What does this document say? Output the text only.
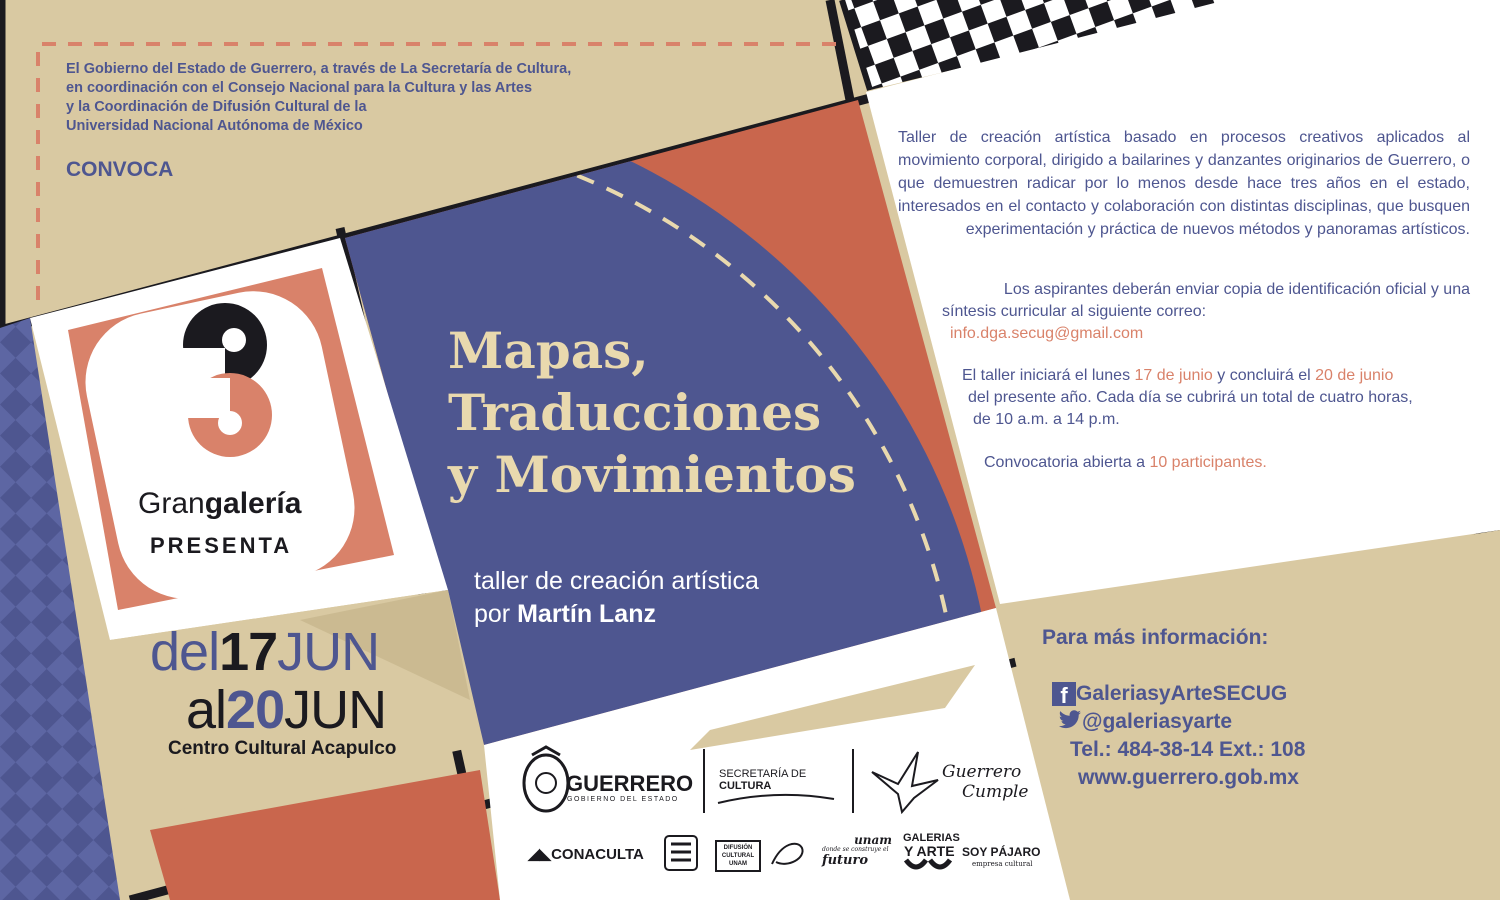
El Gobierno del Estado de Guerrero, a través de La Secretaría de Cultura,
en coordinación con el Consejo Nacional para la Cultura y las Artes
y la Coordinación de Difusión Cultural de la
Universidad Nacional Autónoma de México
CONVOCA
Grangalería
PRESENTA
del17JUN
al20JUN
Centro Cultural Acapulco
Mapas,
Traducciones
y Movimientos
taller de creación artística
por Martín Lanz
Taller de creación artística basado en procesos creativos aplicados al movimiento corporal, dirigido a bailarines y danzantes originarios de Guerrero, o que demuestren radicar por lo menos desde hace tres años en el estado, interesados en el contacto y colaboración con distintas disciplinas, que busquen experimentación y práctica de nuevos métodos y panoramas artísticos.
Los aspirantes deberán enviar copia de identificación oficial y una
síntesis curricular al siguiente correo:
info.dga.secug@gmail.com
El taller iniciará el lunes 17 de junio y concluirá el 20 de junio
del presente año. Cada día se cubrirá un total de cuatro horas,
de 10 a.m. a 14 p.m.
Convocatoria abierta a 10 participantes.
Para más información:
f GaleriasyArteSECUG
@galeriasyarte
Tel.: 484-38-14 Ext.: 108
www.guerrero.gob.mx
GUERRERO
GOBIERNO DEL ESTADO
SECRETARÍA DE
CULTURA
Guerrero
Cumple
◢◣CONACULTA	DIFUSIÓN CULTURAL UNAM
unam
donde se construye el
futuro
GALERIAS
Y ARTE SOY PÁJARO
empresa cultural
